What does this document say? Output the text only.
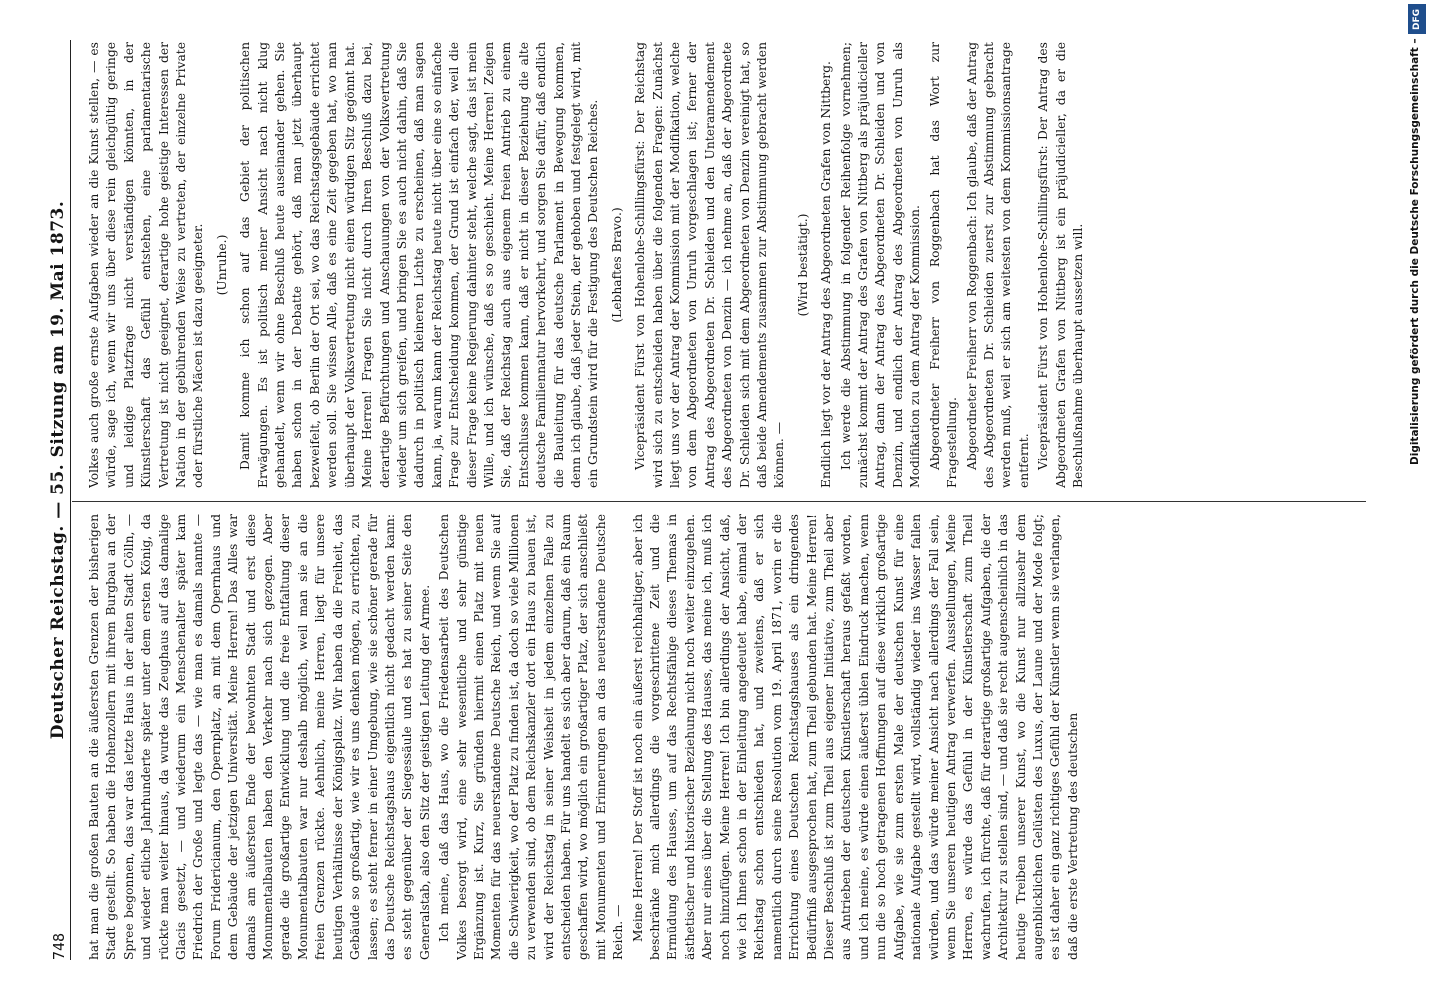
748
Deutscher Reichstag. — 55. Sitzung am 19. Mai 1873. hat man die großen Bauten an die äußersten Grenzen der bisherigen Stadt gestellt. So haben die Hohenzollern mit ihrem Burgbau an der Spree begonnen, das war das letzte Haus in der alten Stadt Cölln, — und wieder etliche Jahrhunderte später unter dem ersten König, da rückte man weiter hinaus, da wurde das Zeughaus auf das damalige Glacis gesetzt, — und wiederum ein Menschenalter später kam Friedrich der Große und legte das — wie man es damals nannte — Forum Fridericianum, den Opernplatz, an mit dem Opernhaus und dem Gebäude der jetzigen Universität. Meine Herren! Das Alles war damals am äußersten Ende der bewohnten Stadt und erst diese Monumentalbauten haben den Verkehr nach sich gezogen. Aber gerade die großartige Entwicklung und die freie Entfaltung dieser Monumentalbauten war nur deshalb möglich, weil man sie an die freien Grenzen rückte. Aehnlich, meine Herren, liegt für unsere heutigen Verhältnisse der Königsplatz. Wir haben da die Freiheit, das Gebäude so großartig, wie wir es uns denken mögen, zu errichten, zu lassen; es steht ferner in einer Umgebung, wie sie schöner gerade für das Deutsche Reichstagshaus eigentlich nicht gedacht werden kann: es steht gegenüber der Siegessäule und es hat zu seiner Seite den Generalstab, also den Sitz der geistigen Leitung der Armee. Ich meine, daß das Haus, wo die Friedensarbeit des Deutschen Volkes besorgt wird, eine sehr wesentliche und sehr günstige Ergänzung ist. Kurz, Sie gründen hiermit einen Platz mit neuen Momenten für das neuerstandene Deutsche Reich, und wenn Sie auf die Schwierigkeit, wo der Platz zu finden ist, da doch so viele Millionen zu verwenden sind, ob dem Reichskanzler dort ein Haus zu bauen ist, wird der Reichstag in seiner Weisheit in jedem einzelnen Falle zu entscheiden haben. Für uns handelt es sich aber darum, daß ein Raum geschaffen wird, wo möglich ein großartiger Platz, der sich anschließt mit Monumenten und Erinnerungen an das neuerstandene Deutsche Reich. — Meine Herren! Der Stoff ist noch ein äußerst reichhaltiger, aber ich beschränke mich allerdings die vorgeschrittene Zeit und die Ermüdung des Hauses, um auf das Rechtsfähige dieses Themas in ästhetischer und historischer Beziehung nicht noch weiter einzugehen. Aber nur eines über die Stellung des Hauses, das meine ich, muß ich noch hinzufügen. Meine Herren! Ich bin allerdings der Ansicht, daß, wie ich Ihnen schon in der Einleitung angedeutet habe, einmal der Reichstag schon entschieden hat, und zweitens, daß er sich namentlich durch seine Resolution vom 19. April 1871, worin er die Errichtung eines Deutschen Reichstagshauses als ein dringendes Bedürfniß ausgesprochen hat, zum Theil gebunden hat. Meine Herren! Dieser Beschluß ist zum Theil aus eigener Initiative, zum Theil aber aus Antrieben der deutschen Künstlerschaft heraus gefaßt worden, und ich meine, es würde einen äußerst üblen Eindruck machen, wenn nun die so hoch getragenen Hoffnungen auf diese wirklich großartige Aufgabe, wie sie zum ersten Male der deutschen Kunst für eine nationale Aufgabe gestellt wird, vollständig wieder ins Wasser fallen würden, und das würde meiner Ansicht nach allerdings der Fall sein, wenn Sie unseren heutigen Antrag verwerfen. Ausstellungen, Meine Herren, es würde das Gefühl in der Künstlerschaft zum Theil wachrufen, ich fürchte, daß für derartige großartige Aufgaben, die der Architektur zu stellen sind, — und daß sie recht augenscheinlich in das heutige Treiben unserer Kunst, wo die Kunst nur allzusehr dem augenblicklichen Gelüsten des Luxus, der Laune und der Mode folgt; es ist daher ein ganz richtiges Gefühl der Künstler wenn sie verlangen, daß die erste Vertretung des deutschen

Volkes auch große ernste Aufgaben wieder an die Kunst stellen, — es würde, sage ich, wenn wir uns über diese rein gleichgültig geringe und leidige Platzfrage nicht verständigen könnten, in der Künstlerschaft das Gefühl entstehen, eine parlamentarische Vertretung ist nicht geeignet, derartige hohe geistige Interessen der Nation in der gebührenden Weise zu vertreten, der einzelne Private oder fürstliche Mäcen ist dazu geeigneter. (Unruhe.) Damit komme ich schon auf das Gebiet der politischen Erwägungen. Es ist politisch meiner Ansicht nach nicht klug gehandelt, wenn wir ohne Beschluß heute auseinander gehen. Sie haben schon in der Debatte gehört, daß man jetzt überhaupt bezweifelt, ob Berlin der Ort sei, wo das Reichstagsgebäude errichtet werden soll. Sie wissen Alle, daß es eine Zeit gegeben hat, wo man überhaupt der Volksvertretung nicht einen würdigen Sitz gegönnt hat. Meine Herren! Fragen Sie nicht durch Ihren Beschluß dazu bei, derartige Befürchtungen und Anschauungen von der Volksvertretung wieder um sich greifen, und bringen Sie es auch nicht dahin, daß Sie dadurch in politisch kleineren Lichte zu erscheinen, daß man sagen kann, ja, warum kann der Reichstag heute nicht über eine so einfache Frage zur Entscheidung kommen, der Grund ist einfach der, weil die dieser Frage keine Regierung dahinter steht, welche sagt, das ist mein Wille, und ich wünsche, daß es so geschieht. Meine Herren! Zeigen Sie, daß der Reichstag auch aus eigenem freien Antrieb zu einem Entschlusse kommen kann, daß er nicht in dieser Beziehung die alte deutsche Familiennatur hervorkehrt, und sorgen Sie dafür, daß endlich die Bauleitung für das deutsche Parlament in Bewegung kommen, denn ich glaube, daß jeder Stein, der gehoben und festgelegt wird, mit ein Grundstein wird für die Festigung des Deutschen Reiches. (Lebhaftes Bravo.) Vicepräsident Fürst von Hohenlohe-Schillingsfürst: Der Reichstag wird sich zu entscheiden haben über die folgenden Fragen: Zunächst liegt uns vor der Antrag der Kommission mit der Modifikation, welche von dem Abgeordneten von Unruh vorgeschlagen ist; ferner der Antrag des Abgeordneten Dr. Schleiden und den Unteramendement des Abgeordneten von Denzin — ich nehme an, daß der Abgeordnete Dr. Schleiden sich mit dem Abgeordneten von Denzin vereinigt hat, so daß beide Amendements zusammen zur Abstimmung gebracht werden können. —

(Wird bestätigt.) Endlich liegt vor der Antrag des Abgeordneten Grafen von Nittberg. Ich werde die Abstimmung in folgender Reihenfolge vornehmen; zunächst kommt der Antrag des Grafen von Nittberg als präjudicieller Antrag, dann der Antrag des Abgeordneten Dr. Schleiden und von Denzin, und endlich der Antrag des Abgeordneten von Unruh als Modifikation zu dem Antrag der Kommission. Abgeordneter Freiherr von Roggenbach hat das Wort zur Fragestellung. Abgeordneter Freiherr von Roggenbach: Ich glaube, daß der Antrag des Abgeordneten Dr. Schleiden zuerst zur Abstimmung gebracht werden muß, weil er sich am weitesten von dem Kommissionsantrage entfernt. Vicepräsident Fürst von Hohenlohe-Schillingsfürst: Der Antrag des Abgeordneten Grafen von Nittberg ist ein präjudicieller, da er die Beschlußnahme überhaupt aussetzen will.

DFG
Digitalisierung gefördert durch die Deutsche Forschungsgemeinschaft –
